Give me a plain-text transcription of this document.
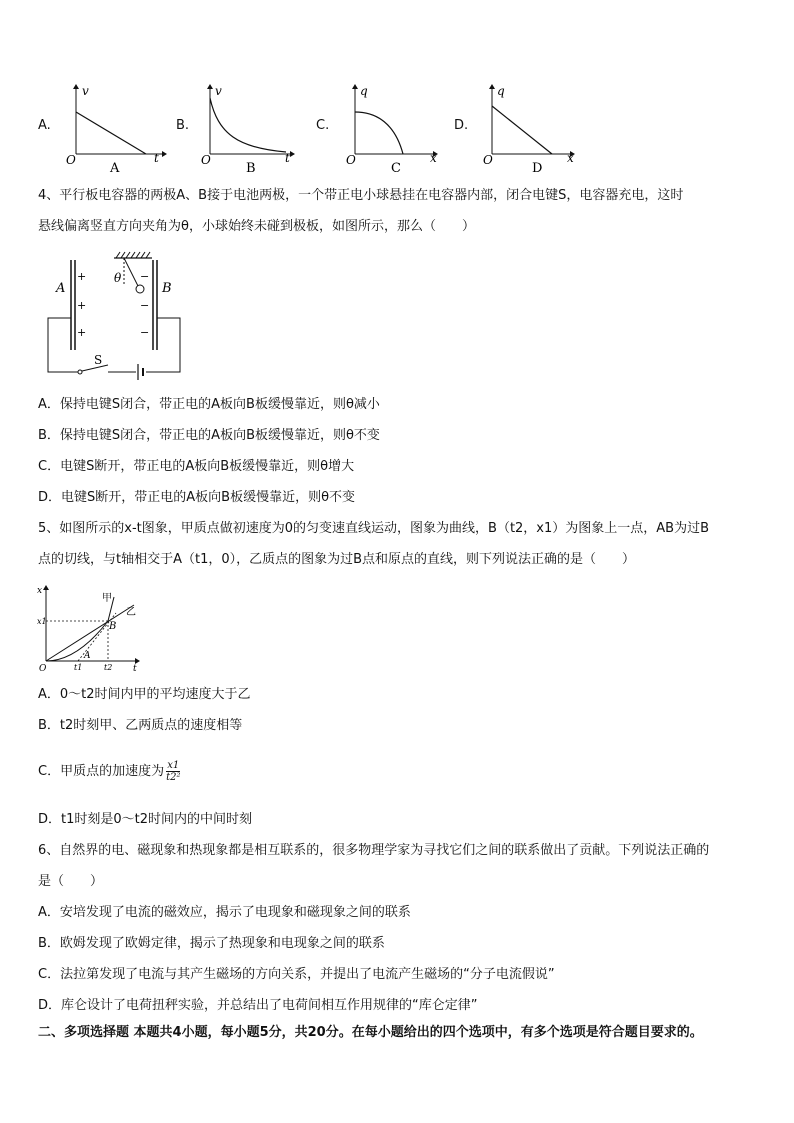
A.
v
t
O
A
B.
v
t
O
B
C.
q
x
O
C
D.
q
x
O
D
4、平行板电容器的两极A、B接于电池两极，一个带正电小球悬挂在电容器内部，闭合电键S，电容器充电，这时
悬线偏离竖直方向夹角为θ，小球始终未碰到极板，如图所示，那么（　　）
+
+
+
−
−
−
θ
A	B
S
A．保持电键S闭合，带正电的A板向B板缓慢靠近，则θ减小
B．保持电键S闭合，带正电的A板向B板缓慢靠近，则θ不变
C．电键S断开，带正电的A板向B板缓慢靠近，则θ增大
D．电键S断开，带正电的A板向B板缓慢靠近，则θ不变
5、如图所示的x-t图象，甲质点做初速度为0的匀变速直线运动，图象为曲线，B（t2，x1）为图象上一点，AB为过B
点的切线，与t轴相交于A（t1，0），乙质点的图象为过B点和原点的直线，则下列说法正确的是（　　）
x
t
O
x1
t1	t2
A
B
甲
乙
A．0～t2时间内甲的平均速度大于乙
B．t2时刻甲、乙两质点的速度相等
C．甲质点的加速度为 $\frac{x1}{\text{t2²}}$
D．t1时刻是0～t2时间内的中间时刻
6、自然界的电、磁现象和热现象都是相互联系的，很多物理学家为寻找它们之间的联系做出了贡献。下列说法正确的
是（　　）
A．安培发现了电流的磁效应，揭示了电现象和磁现象之间的联系
B．欧姆发现了欧姆定律，揭示了热现象和电现象之间的联系
C．法拉第发现了电流与其产生磁场的方向关系，并提出了电流产生磁场的“分子电流假说”
D．库仑设计了电荷扭秤实验，并总结出了电荷间相互作用规律的“库仑定律”
二、多项选择题 本题共4小题，每小题5分，共20分。在每小题给出的四个选项中，有多个选项是符合题目要求的。
